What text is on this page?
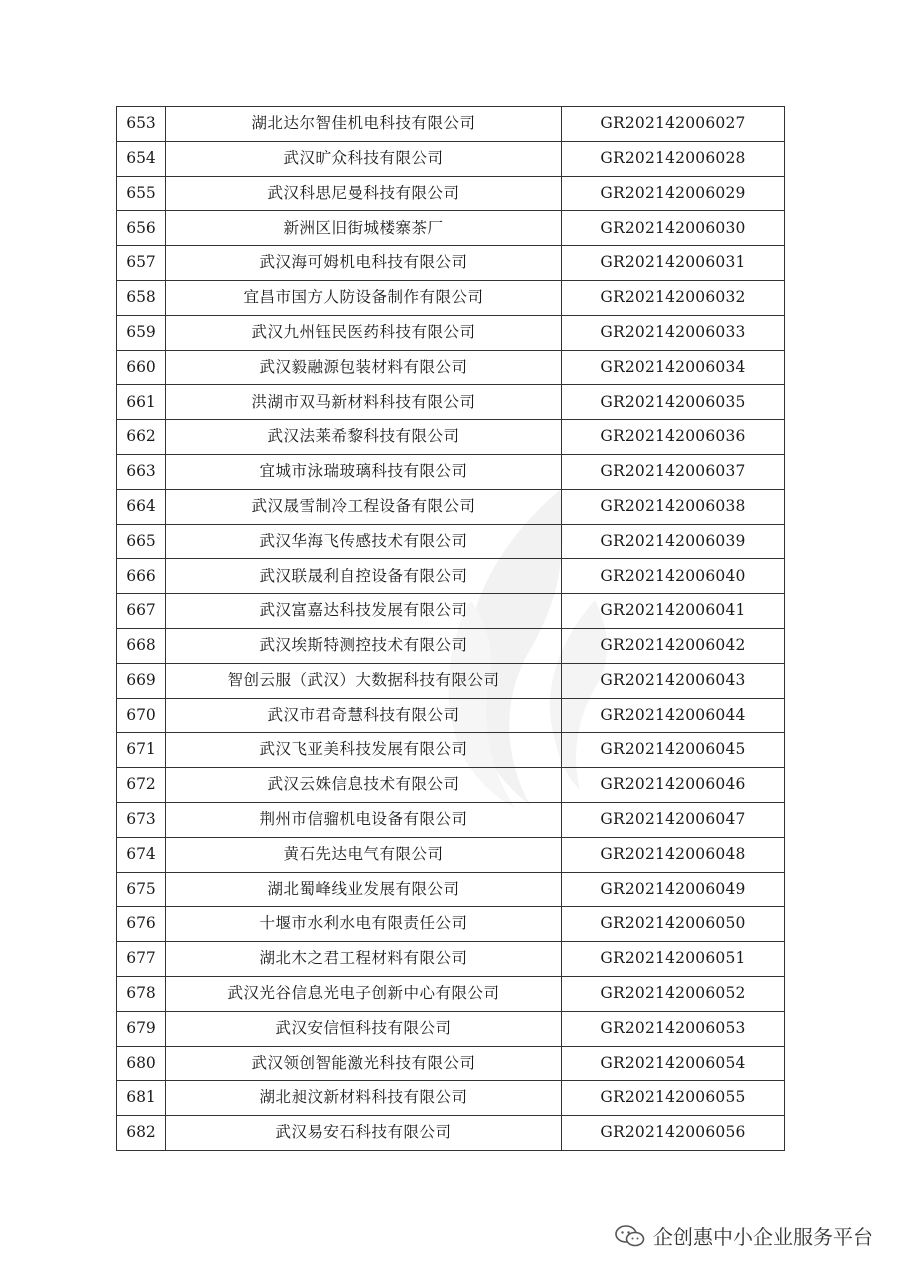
653	湖北达尔智佳机电科技有限公司	GR202142006027
654	武汉旷众科技有限公司	GR202142006028
655	武汉科思尼曼科技有限公司	GR202142006029
656	新洲区旧街城楼寨茶厂	GR202142006030
657	武汉海可姆机电科技有限公司	GR202142006031
658	宜昌市国方人防设备制作有限公司	GR202142006032
659	武汉九州钰民医药科技有限公司	GR202142006033
660	武汉毅融源包装材料有限公司	GR202142006034
661	洪湖市双马新材料科技有限公司	GR202142006035
662	武汉法莱希黎科技有限公司	GR202142006036
663	宜城市泳瑞玻璃科技有限公司	GR202142006037
664	武汉晟雪制冷工程设备有限公司	GR202142006038
665	武汉华海飞传感技术有限公司	GR202142006039
666	武汉联晟利自控设备有限公司	GR202142006040
667	武汉富嘉达科技发展有限公司	GR202142006041
668	武汉埃斯特测控技术有限公司	GR202142006042
669	智创云服（武汉）大数据科技有限公司	GR202142006043
670	武汉市君奇慧科技有限公司	GR202142006044
671	武汉飞亚美科技发展有限公司	GR202142006045
672	武汉云姝信息技术有限公司	GR202142006046
673	荆州市信骝机电设备有限公司	GR202142006047
674	黄石先达电气有限公司	GR202142006048
675	湖北蜀峰线业发展有限公司	GR202142006049
676	十堰市水利水电有限责任公司	GR202142006050
677	湖北木之君工程材料有限公司	GR202142006051
678	武汉光谷信息光电子创新中心有限公司	GR202142006052
679	武汉安信恒科技有限公司	GR202142006053
680	武汉领创智能激光科技有限公司	GR202142006054
681	湖北昶汶新材料科技有限公司	GR202142006055
682	武汉易安石科技有限公司	GR202142006056
企创惠中小企业服务平台
